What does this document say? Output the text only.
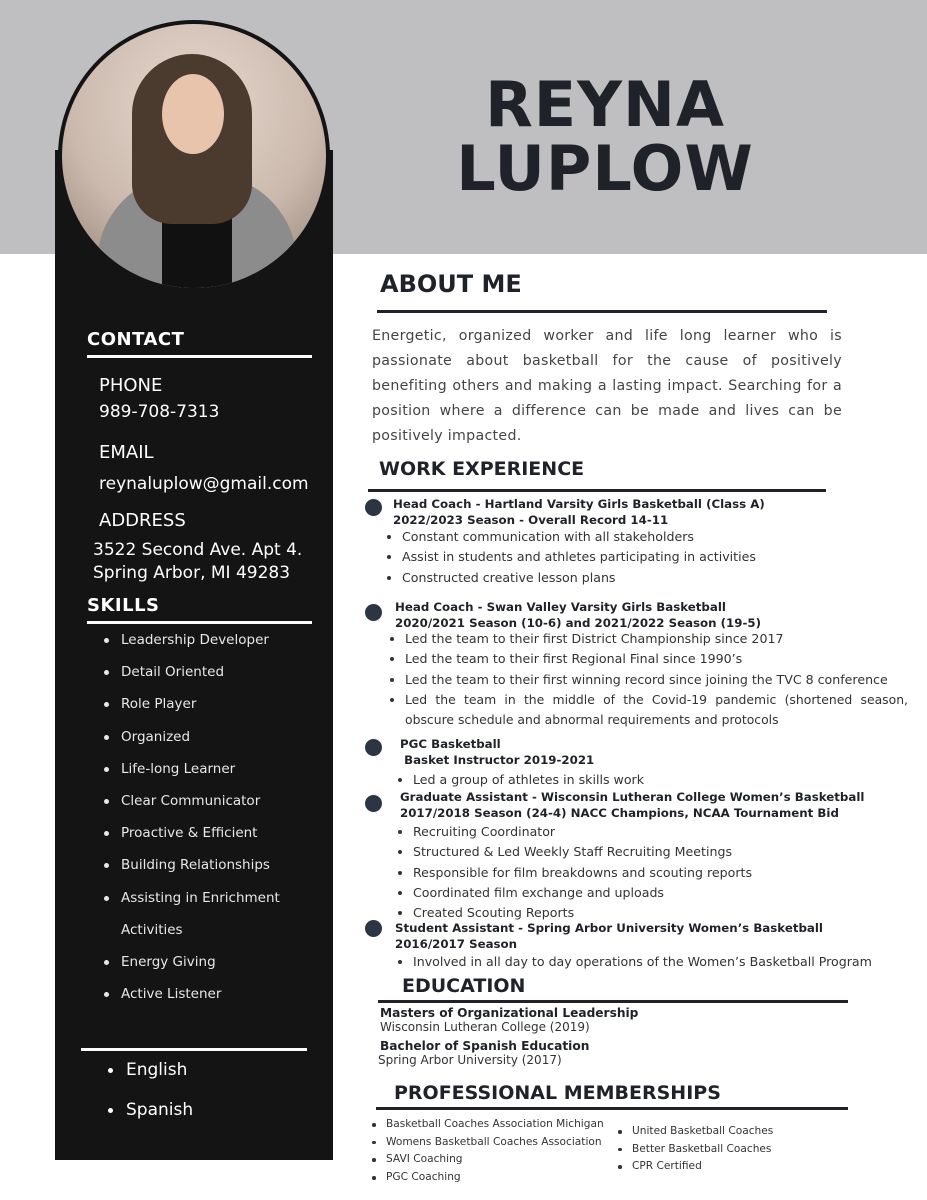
REYNA
LUPLOW
CONTACT
PHONE
989-708-7313
EMAIL
reynaluplow@gmail.com
ADDRESS
3522 Second Ave. Apt 4.
Spring Arbor, MI 49283
SKILLS
Leadership Developer
Detail Oriented
Role Player
Organized
Life-long Learner
Clear Communicator
Proactive & Efficient
Building Relationships
Assisting in Enrichment
Activities
Energy Giving
Active Listener
English
Spanish
ABOUT ME
Energetic, organized worker and life long learner who is passionate about basketball for the cause of positively benefiting others and making a lasting impact. Searching for a position where a difference can be made and lives can be positively impacted.
WORK EXPERIENCE
Head Coach - Hartland Varsity Girls Basketball (Class A)
2022/2023 Season - Overall Record 14-11
Constant communication with all stakeholders
Assist in students and athletes participating in activities
Constructed creative lesson plans
Head Coach - Swan Valley Varsity Girls Basketball
2020/2021 Season (10-6) and 2021/2022 Season (19-5)
Led the team to their first District Championship since 2017
Led the team to their first Regional Final since 1990’s
Led the team to their first winning record since joining the TVC 8 conference
Led the team in the middle of the Covid-19 pandemic (shortened season, obscure schedule and abnormal requirements and protocols
PGC Basketball
Basket Instructor 2019-2021
Led a group of athletes in skills work
Graduate Assistant - Wisconsin Lutheran College Women’s Basketball
2017/2018 Season (24-4) NACC Champions, NCAA Tournament Bid
Recruiting Coordinator
Structured & Led Weekly Staff Recruiting Meetings
Responsible for film breakdowns and scouting reports
Coordinated film exchange and uploads
Created Scouting Reports
Student Assistant - Spring Arbor University Women’s Basketball
2016/2017 Season
Involved in all day to day operations of the Women’s Basketball Program
EDUCATION
Masters of Organizational Leadership
Wisconsin Lutheran College (2019)
Bachelor of Spanish Education
Spring Arbor University (2017)
PROFESSIONAL MEMBERSHIPS
Basketball Coaches Association Michigan
Womens Basketball Coaches Association
SAVI Coaching
PGC Coaching
United Basketball Coaches
Better Basketball Coaches
CPR Certified
